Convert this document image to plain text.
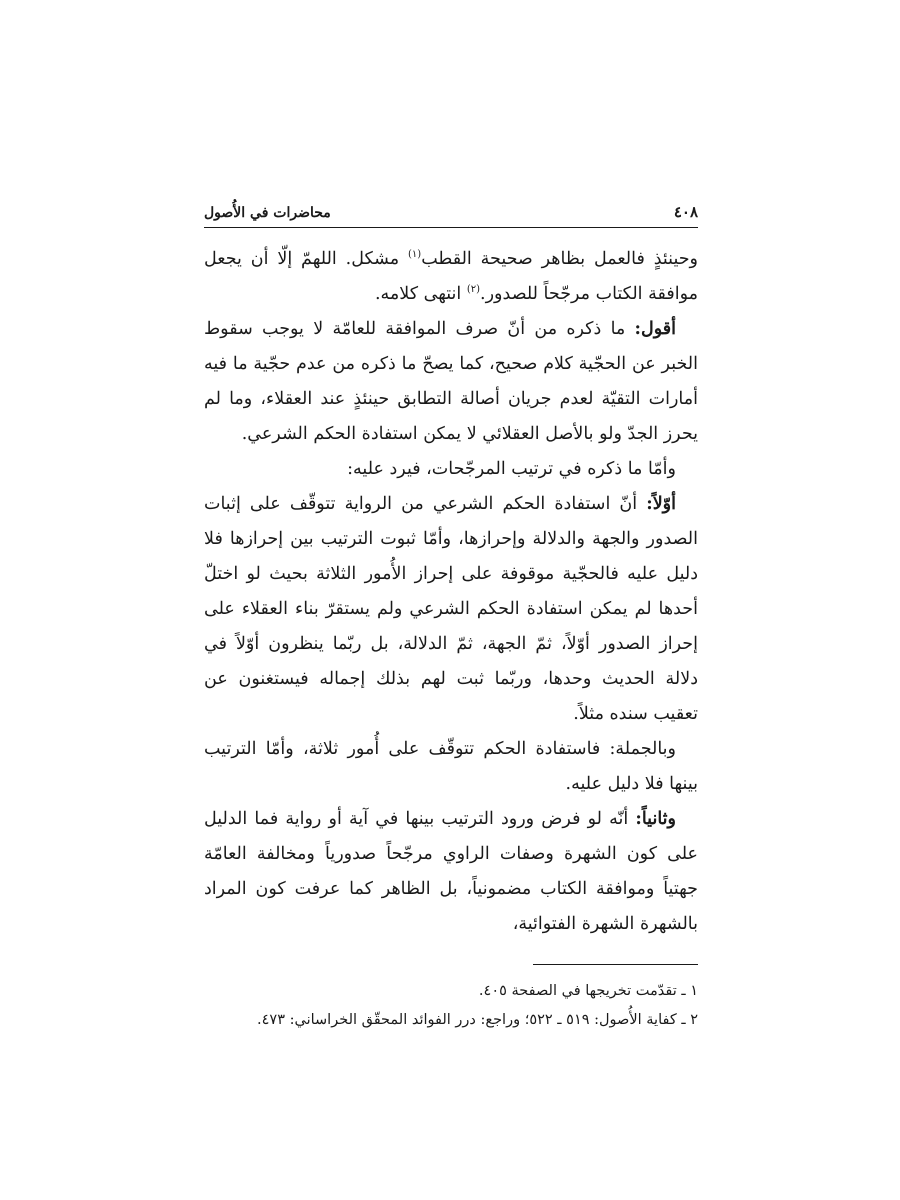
٤٠٨
محاضرات في الأُصول

وحينئذٍ فالعمل بظاهر صحيحة القطب$^{(١)}$ مشكل. اللهمّ إلّا أن يجعل موافقة الكتاب مرجّحاً للصدور.$^{(٢)}$ انتهى كلامه.

أقول: ما ذكره من أنّ صرف الموافقة للعامّة لا يوجب سقوط الخبر عن الحجّية كلام صحيح، كما يصحّ ما ذكره من عدم حجّية ما فيه أمارات التقيّة لعدم جريان أصالة التطابق حينئذٍ عند العقلاء، وما لم يحرز الجدّ ولو بالأصل العقلائي لا يمكن استفادة الحكم الشرعي.

وأمّا ما ذكره في ترتيب المرجّحات، فيرد عليه:

أوّلاً: أنّ استفادة الحكم الشرعي من الرواية تتوقّف على إثبات الصدور والجهة والدلالة وإحرازها، وأمّا ثبوت الترتيب بين إحرازها فلا دليل عليه فالحجّية موقوفة على إحراز الأُمور الثلاثة بحيث لو اختلّ أحدها لم يمكن استفادة الحكم الشرعي ولم يستقرّ بناء العقلاء على إحراز الصدور أوّلاً، ثمّ الجهة، ثمّ الدلالة، بل ربّما ينظرون أوّلاً في دلالة الحديث وحدها، وربّما ثبت لهم بذلك إجماله فيستغنون عن تعقيب سنده مثلاً.

وبالجملة: فاستفادة الحكم تتوقّف على أُمور ثلاثة، وأمّا الترتيب بينها فلا دليل عليه.

وثانياً: أنّه لو فرض ورود الترتيب بينها في آية أو رواية فما الدليل على كون الشهرة وصفات الراوي مرجّحاً صدورياً ومخالفة العامّة جهتياً وموافقة الكتاب مضمونياً، بل الظاهر كما عرفت كون المراد بالشهرة الشهرة الفتوائية،

١ ـ تقدّمت تخريجها في الصفحة ٤٠٥.

٢ ـ كفاية الأُصول: ٥١٩ ـ ٥٢٢؛ وراجع: درر الفوائد المحقّق الخراساني: ٤٧٣.
